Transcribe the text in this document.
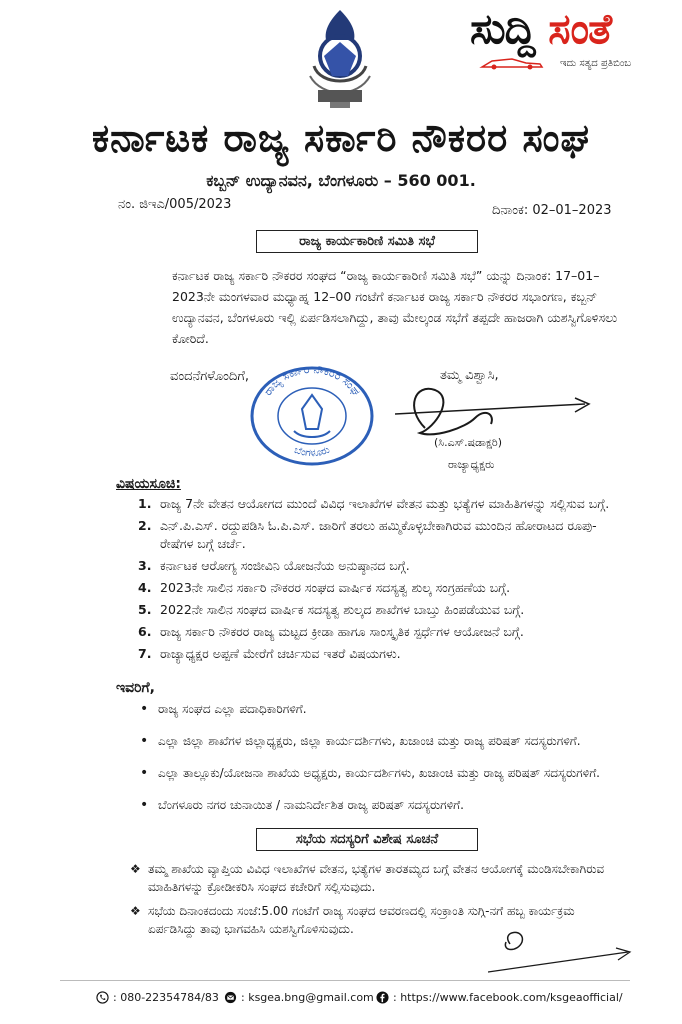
ಸುದ್ದಿ ಸಂತೆ
ಇದು ಸತ್ಯದ ಪ್ರತಿಬಿಂಬ
ಕರ್ನಾಟಕ ರಾಜ್ಯ ಸರ್ಕಾರಿ ನೌಕರರ ಸಂಘ
ಕಬ್ಬನ್ ಉದ್ಯಾನವನ, ಬೆಂಗಳೂರು – 560 001.
ನಂ. ಜಿಇಎ/005/2023	ದಿನಾಂಕ: 02–01–2023
ರಾಜ್ಯ ಕಾರ್ಯಕಾರಿಣಿ ಸಮಿತಿ ಸಭೆ
ಕರ್ನಾಟಕ ರಾಜ್ಯ ಸರ್ಕಾರಿ ನೌಕರರ ಸಂಘದ “ರಾಜ್ಯ ಕಾರ್ಯಕಾರಿಣಿ ಸಮಿತಿ ಸಭೆ” ಯನ್ನು ದಿನಾಂಕ: 17–01–2023ನೇ ಮಂಗಳವಾರ ಮಧ್ಯಾಹ್ನ 12–00 ಗಂಟೆಗೆ ಕರ್ನಾಟಕ ರಾಜ್ಯ ಸರ್ಕಾರಿ ನೌಕರರ ಸಭಾಂಗಣ, ಕಬ್ಬನ್ ಉದ್ಯಾನವನ, ಬೆಂಗಳೂರು ಇಲ್ಲಿ ಏರ್ಪಡಿಸಲಾಗಿದ್ದು, ತಾವು ಮೇಲ್ಕಂಡ ಸಭೆಗೆ ತಪ್ಪದೇ ಹಾಜರಾಗಿ ಯಶಸ್ವಿಗೊಳಿಸಲು ಕೋರಿದೆ.
ವಂದನೆಗಳೊಂದಿಗೆ,	ತಮ್ಮ ವಿಶ್ವಾಸಿ,
ರಾಜ್ಯ ಸರ್ಕಾರಿ ನೌಕರರ ಸಂಘ
ಬೆಂಗಳೂರು
(ಸಿ.ಎಸ್.ಷಡಾಕ್ಷರಿ)
ರಾಜ್ಯಾಧ್ಯಕ್ಷರು
ವಿಷಯಸೂಚಿ:
1. ರಾಜ್ಯ 7ನೇ ವೇತನ ಆಯೋಗದ ಮುಂದೆ ವಿವಿಧ ಇಲಾಖೆಗಳ ವೇತನ ಮತ್ತು ಭತ್ಯೆಗಳ ಮಾಹಿತಿಗಳನ್ನು ಸಲ್ಲಿಸುವ ಬಗ್ಗೆ.
2. ಎನ್.ಪಿ.ಎಸ್. ರದ್ದುಪಡಿಸಿ ಓ.ಪಿ.ಎಸ್. ಜಾರಿಗೆ ತರಲು ಹಮ್ಮಿಕೊಳ್ಳಬೇಕಾಗಿರುವ ಮುಂದಿನ ಹೋರಾಟದ ರೂಪು-ರೇಷೆಗಳ ಬಗ್ಗೆ ಚರ್ಚೆ.
3. ಕರ್ನಾಟಕ ಆರೋಗ್ಯ ಸಂಜೀವಿನಿ ಯೋಜನೆಯ ಅನುಷ್ಠಾನದ ಬಗ್ಗೆ.
4. 2023ನೇ ಸಾಲಿನ ಸರ್ಕಾರಿ ನೌಕರರ ಸಂಘದ ವಾರ್ಷಿಕ ಸದಸ್ಯತ್ವ ಶುಲ್ಕ ಸಂಗ್ರಹಣೆಯ ಬಗ್ಗೆ.
5. 2022ನೇ ಸಾಲಿನ ಸಂಘದ ವಾರ್ಷಿಕ ಸದಸ್ಯತ್ವ ಶುಲ್ಕದ ಶಾಖೆಗಳ ಬಾಬ್ತು ಹಿಂಪಡೆಯುವ ಬಗ್ಗೆ.
6. ರಾಜ್ಯ ಸರ್ಕಾರಿ ನೌಕರರ ರಾಜ್ಯ ಮಟ್ಟದ ಕ್ರೀಡಾ ಹಾಗೂ ಸಾಂಸ್ಕೃತಿಕ ಸ್ಪರ್ಧೆಗಳ ಆಯೋಜನೆ ಬಗ್ಗೆ.
7. ರಾಜ್ಯಾಧ್ಯಕ್ಷರ ಅಪ್ಪಣೆ ಮೇರೆಗೆ ಚರ್ಚಿಸುವ ಇತರೆ ವಿಷಯಗಳು.
ಇವರಿಗೆ,
• ರಾಜ್ಯ ಸಂಘದ ಎಲ್ಲಾ ಪದಾಧಿಕಾರಿಗಳಿಗೆ.
• ಎಲ್ಲಾ ಜಿಲ್ಲಾ ಶಾಖೆಗಳ ಜಿಲ್ಲಾಧ್ಯಕ್ಷರು, ಜಿಲ್ಲಾ ಕಾರ್ಯದರ್ಶಿಗಳು, ಖಜಾಂಚಿ ಮತ್ತು ರಾಜ್ಯ ಪರಿಷತ್ ಸದಸ್ಯರುಗಳಿಗೆ.
• ಎಲ್ಲಾ ತಾಲ್ಲೂಕು/ಯೋಜನಾ ಶಾಖೆಯ ಅಧ್ಯಕ್ಷರು, ಕಾರ್ಯದರ್ಶಿಗಳು, ಖಜಾಂಚಿ ಮತ್ತು ರಾಜ್ಯ ಪರಿಷತ್ ಸದಸ್ಯರುಗಳಿಗೆ.
• ಬೆಂಗಳೂರು ನಗರ ಚುನಾಯಿತ / ನಾಮನಿರ್ದೇಶಿತ ರಾಜ್ಯ ಪರಿಷತ್ ಸದಸ್ಯರುಗಳಿಗೆ.
ಸಭೆಯ ಸದಸ್ಯರಿಗೆ ವಿಶೇಷ ಸೂಚನೆ
❖ ತಮ್ಮ ಶಾಖೆಯ ವ್ಯಾಪ್ತಿಯ ವಿವಿಧ ಇಲಾಖೆಗಳ ವೇತನ, ಭತ್ಯೆಗಳ ತಾರತಮ್ಯದ ಬಗ್ಗೆ ವೇತನ ಆಯೋಗಕ್ಕೆ ಮಂಡಿಸಬೇಕಾಗಿರುವ ಮಾಹಿತಿಗಳನ್ನು ಕ್ರೋಡೀಕರಿಸಿ ಸಂಘದ ಕಚೇರಿಗೆ ಸಲ್ಲಿಸುವುದು.
❖ ಸಭೆಯ ದಿನಾಂಕದಂದು ಸಂಜೆ:5.00 ಗಂಟೆಗೆ ರಾಜ್ಯ ಸಂಘದ ಆವರಣದಲ್ಲಿ ಸಂಕ್ರಾಂತಿ ಸುಗ್ಗಿ-ನಗೆ ಹಬ್ಬ ಕಾರ್ಯಕ್ರಮ ಏರ್ಪಡಿಸಿದ್ದು ತಾವು ಭಾಗವಹಿಸಿ ಯಶಸ್ವಿಗೊಳಿಸುವುದು.
: 080-22354784/83 : ksgea.bng@gmail.com : https://www.facebook.com/ksgeaofficial/
